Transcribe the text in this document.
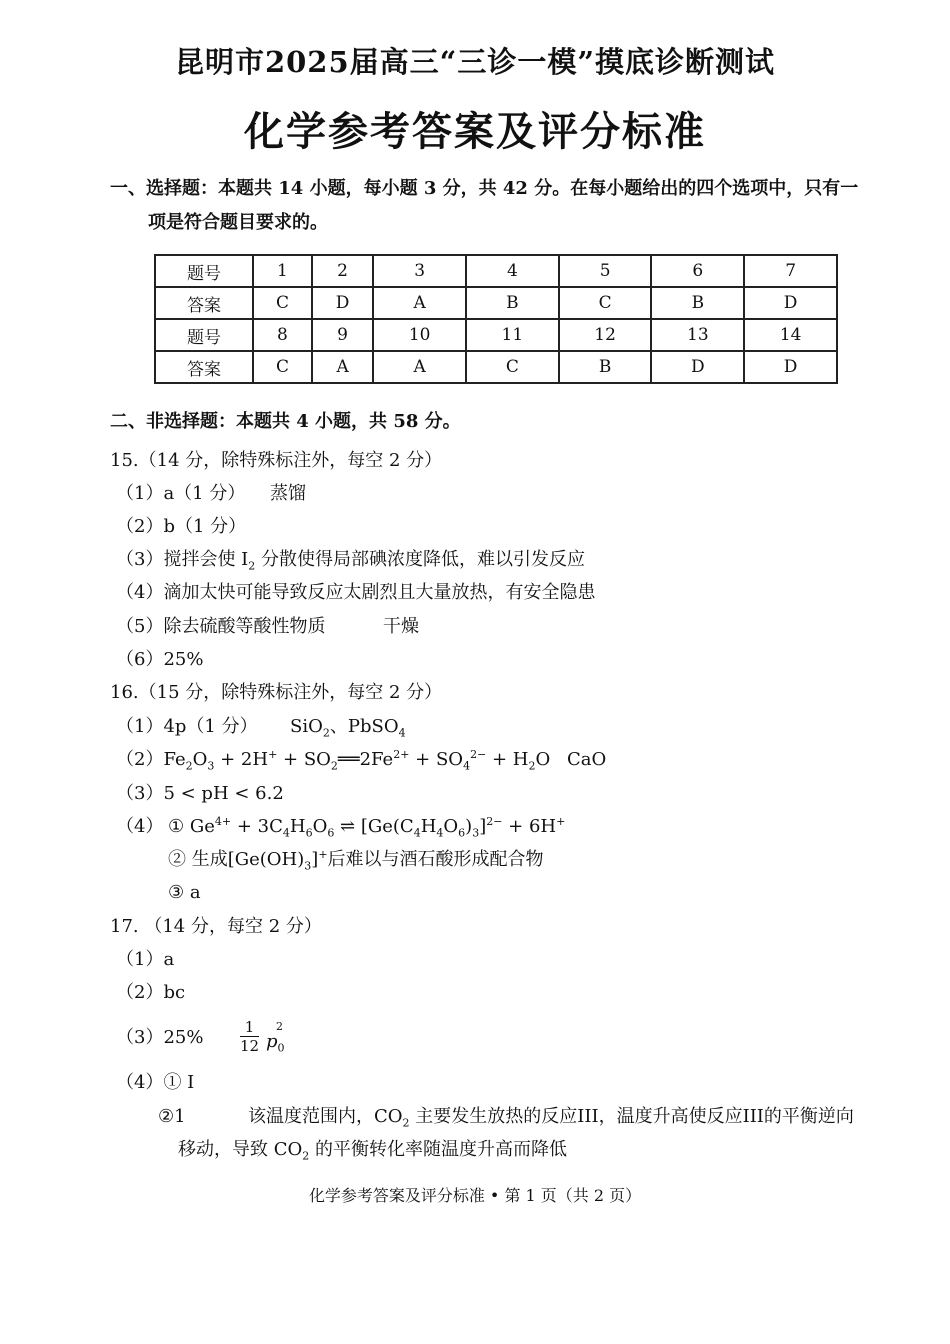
昆明市2025届高三“三诊一模”摸底诊断测试
化学参考答案及评分标准
一、选择题：本题共 14 小题，每小题 3 分，共 42 分。在每小题给出的四个选项中，只有一
项是符合题目要求的。
题号	1	2	3	4	5	6	7
答案	C	D	A	B	C	B	D
题号	8	9	10	11	12	13	14
答案	C	A	A	C	B	D	D
二、非选择题：本题共 4 小题，共 58 分。
15.（14 分，除特殊标注外，每空 2 分）
（1）a（1 分） 蒸馏
（2）b（1 分）
（3）搅拌会使 $I_2$ 分散使得局部碘浓度降低，难以引发反应
（4）滴加太快可能导致反应太剧烈且大量放热，有安全隐患
（5）除去硫酸等酸性物质	干燥
（6）25%
16.（15 分，除特殊标注外，每空 2 分）
（1）4p（1 分） SiO$_2$、PbSO$_4$
$(2)Fe_2O_3 + 2H^+$ + $SO_2══2Fe^{2+} + SO_4^{2-} + H_2O$ CaO
（3）5 < pH < 6.2
（4） ① $Ge^{4+} + 3C_4H_6O_6$ ⇌ $[Ge(C_4H_4O_6)_3]^{2-} + 6H^+$
② 生成$[Ge(OH)_3]^+$后难以与酒石酸形成配合物
③ a
17. （14 分，每空 2 分）
（1）a
（2）bc
$(3)25\% \frac{1}{12} p_0$
2
（4）① I
②1	该温度范围内，$CO_2$ 主要发生放热的反应III，温度升高使反应III的平衡逆向
移动，导致 $CO_2$ 的平衡转化率随温度升高而降低
化学参考答案及评分标准 • 第 1 页（共 2 页）
